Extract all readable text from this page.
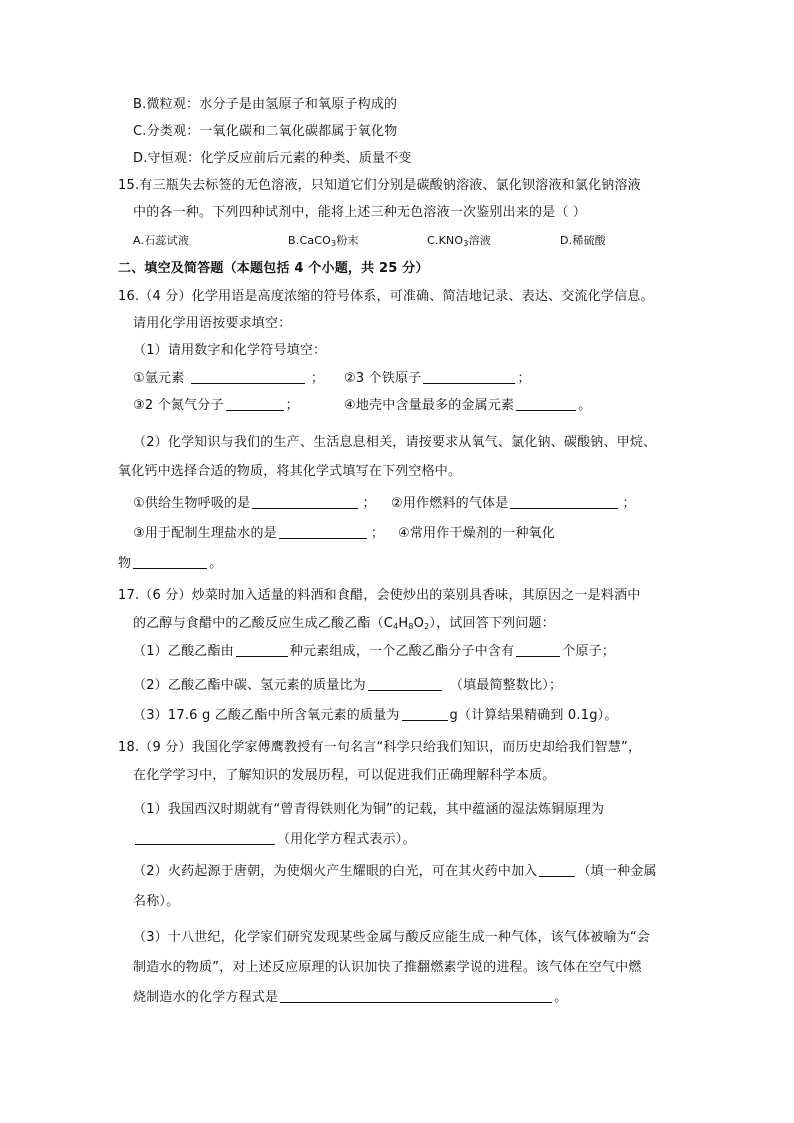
B.微粒观：水分子是由氢原子和氧原子构成的
C.分类观：一氧化碳和二氧化碳都属于氧化物
D.守恒观：化学反应前后元素的种类、质量不变
15.有三瓶失去标签的无色溶液，只知道它们分别是碳酸钠溶液、氯化钡溶液和氯化钠溶液
中的各一种。下列四种试剂中，能将上述三种无色溶液一次鉴别出来的是（ ）
A.石蕊试液	B.CaCO$_3$粉末	$C.KNO_3$溶液	D.稀硫酸
二、填空及简答题（本题包括 4 个小题，共 25 分）
16.（4 分）化学用语是高度浓缩的符号体系，可准确、简洁地记录、表达、交流化学信息。
请用化学用语按要求填空：
（1）请用数字和化学符号填空：
①氩元素	； ②3 个铁原子	；
③2 个氮气分子	；	④地壳中含量最多的金属元素	。
（2）化学知识与我们的生产、生活息息相关，请按要求从氧气、氯化钠、碳酸钠、甲烷、
氧化钙中选择合适的物质，将其化学式填写在下列空格中。
①供给生物呼吸的是	； ②用作燃料的气体是	；
③用于配制生理盐水的是	； ④常用作干燥剂的一种氧化
物	。
17.（6 分）炒菜时加入适量的料酒和食醋，会使炒出的菜别具香味，其原因之一是料酒中
的乙醇与食醋中的乙酸反应生成乙酸乙酯$(C_4H_8O_2)$，试回答下列问题：
（1）乙酸乙酯由	种元素组成，一个乙酸乙酯分子中含有	个原子；
（2）乙酸乙酯中碳、氢元素的质量比为	（填最简整数比）；
（3）17.6 g 乙酸乙酯中所含氧元素的质量为	g（计算结果精确到 0.1g）。
18.（9 分）我国化学家傅鹰教授有一句名言“科学只给我们知识，而历史却给我们智慧”，
在化学学习中，了解知识的发展历程，可以促进我们正确理解科学本质。
（1）我国西汉时期就有“曾青得铁则化为铜”的记载，其中蕴涵的湿法炼铜原理为
（用化学方程式表示）。
（2）火药起源于唐朝，为使烟火产生耀眼的白光，可在其火药中加入	（填一种金属
名称）。
（3）十八世纪，化学家们研究发现某些金属与酸反应能生成一种气体，该气体被喻为“会
制造水的物质”，对上述反应原理的认识加快了推翻燃素学说的进程。该气体在空气中燃
烧制造水的化学方程式是	。
